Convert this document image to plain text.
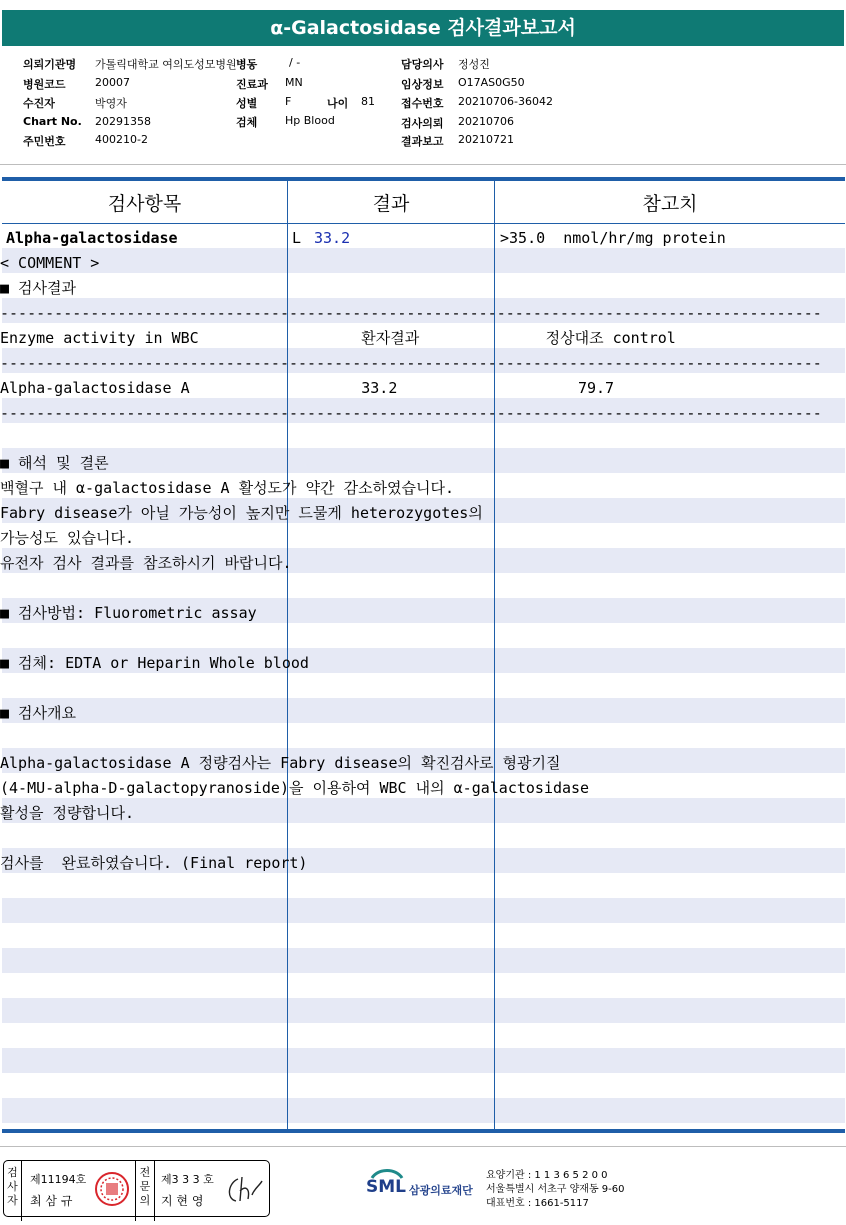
α-Galactosidase 검사결과보고서
의뢰기관명 가톨릭대학교 여의도성모병원
병원코드	20007
수진자	박영자
Chart No. 20291358
주민번호	400210-2
병동	/ -
진료과 MN
성별	F	나이 81
검체	Hp Blood
담당의사 정성진
임상정보 O17AS0G50
접수번호 20210706-36042
검사의뢰 20210706
결과보고 20210721
검사항목	결과	참고치
Alpha-galactosidase	L 33.2	>35.0  nmol/hr/mg protein
< COMMENT >
■ 검사결과
-------------------------------------------------------------------------------------------
Enzyme activity in WBC                  환자결과              정상대조 control
-------------------------------------------------------------------------------------------
Alpha-galactosidase A                   33.2                    79.7
-------------------------------------------------------------------------------------------
■ 해석 및 결론
백혈구 내 α-galactosidase A 활성도가 약간 감소하였습니다.
Fabry disease가 아닐 가능성이 높지만 드물게 heterozygotes의
가능성도 있습니다.
유전자 검사 결과를 참조하시기 바랍니다.
■ 검사방법: Fluorometric assay
■ 검체: EDTA or Heparin Whole blood
■ 검사개요
Alpha-galactosidase A 정량검사는 Fabry disease의 확진검사로 형광기질
(4-MU-alpha-D-galactopyranoside)을 이용하여 WBC 내의 α-galactosidase
활성을 정량합니다.
검사를  완료하였습니다. (Final report)
검사자
제11194호
최 삼 규
전문의
제3 3 3 호
지 현 영
SML 삼광의료재단
요양기관 : 1 1 3 6 5 2 0 0
서울특별시 서초구 양재동 9-60
대표번호 : 1661-5117
